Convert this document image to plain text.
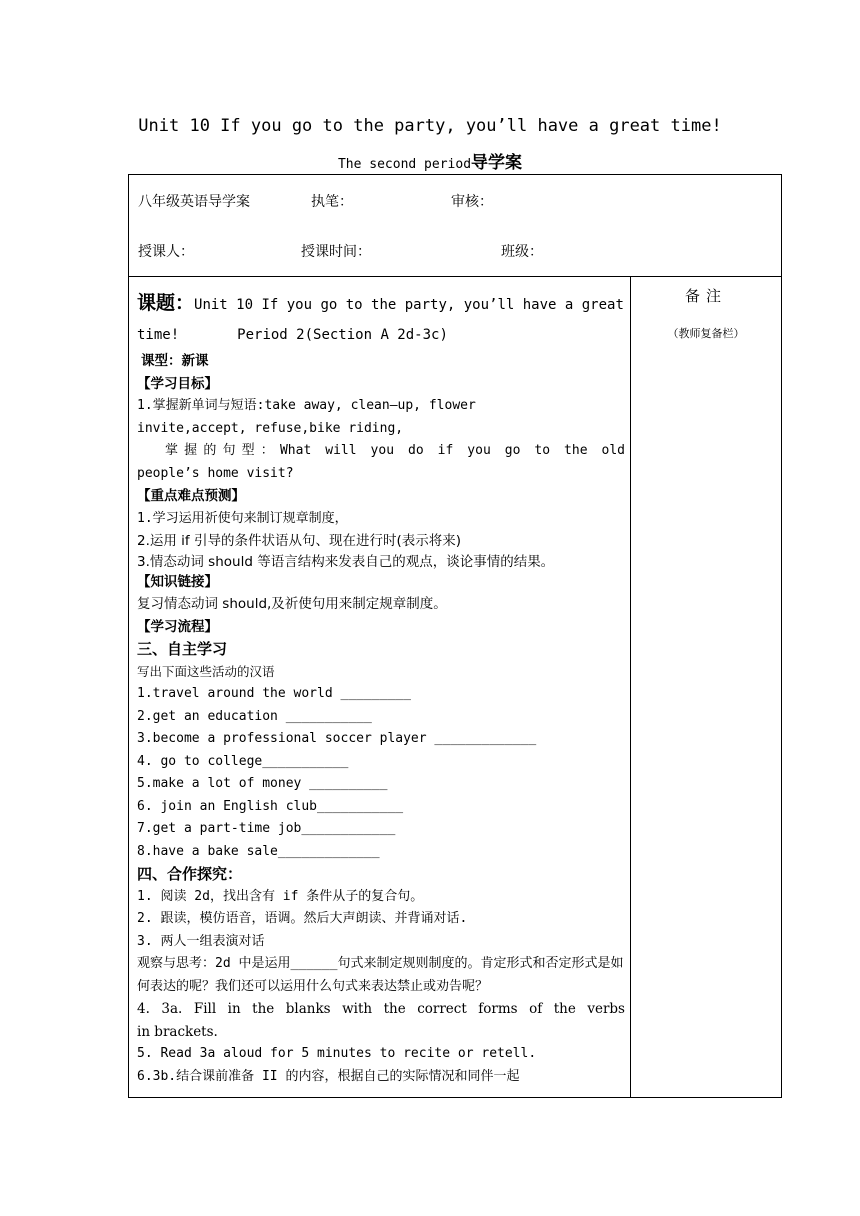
Unit 10 If you go to the party, you’ll have a great time!
The second period导学案
八年级英语导学案	执笔：	审核：
授课人：	授课时间：	班级：
备注
（教师复备栏）
课题：Unit 10 If you go to the party, you’ll have a great
time!	Period 2(Section A 2d-3c)
课型：新课
【学习目标】
1.掌握新单词与短语:take away, clean–up, flower
invite,accept, refuse,bike riding,
掌握的句型：What will you do if you go to the old
people’s home visit?
【重点难点预测】
1.学习运用祈使句来制订规章制度，
2.运用 if 引导的条件状语从句、现在进行时(表示将来)
3.情态动词 should 等语言结构来发表自己的观点，谈论事情的结果。
【知识链接】
复习情态动词 should,及祈使句用来制定规章制度。
【学习流程】
三、自主学习
写出下面这些活动的汉语
1.travel around the world _________
2.get an education ___________
3.become a professional soccer player _____________
4. go to college___________
5.make a lot of money __________
6. join an English club___________
7.get a part-time job____________
8.have a bake sale_____________
四、合作探究：
1. 阅读 2d，找出含有 if 条件从子的复合句。
2. 跟读，模仿语音，语调。然后大声朗读、并背诵对话.
3. 两人一组表演对话
观察与思考：2d 中是运用______句式来制定规则制度的。肯定形式和否定形式是如何表达的呢？我们还可以运用什么句式来表达禁止或劝告呢？
4. 3a. Fill in the blanks with the correct forms of the verbs
in brackets.
5. Read 3a aloud for 5 minutes to recite or retell.
6.3b.结合课前准备 II 的内容，根据自己的实际情况和同伴一起
